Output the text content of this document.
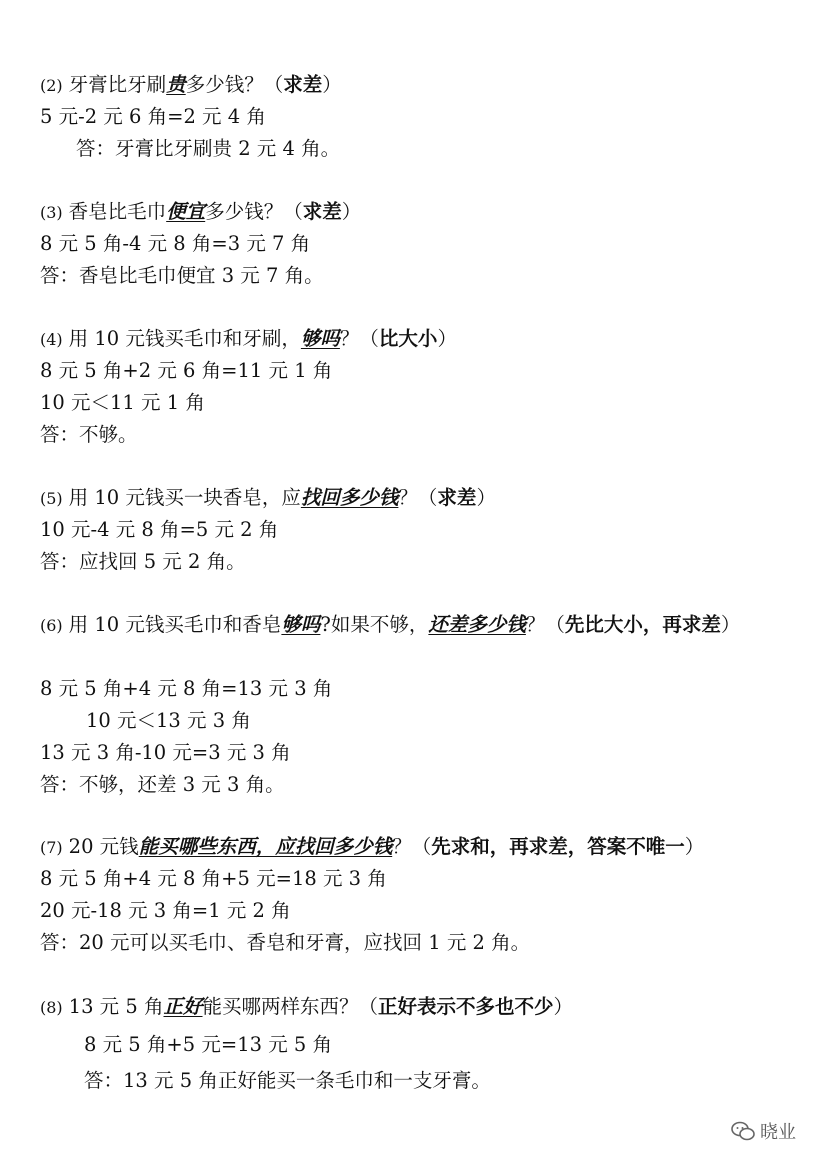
(2) 牙膏比牙刷贵多少钱？（求差）
5 元-2 元 6 角=2 元 4 角
答：牙膏比牙刷贵 2 元 4 角。
(3) 香皂比毛巾便宜多少钱？（求差）
8 元 5 角-4 元 8 角=3 元 7 角
答：香皂比毛巾便宜 3 元 7 角。
(4) 用 10 元钱买毛巾和牙刷，够吗？（比大小）
8 元 5 角+2 元 6 角=11 元 1 角
10 元＜11 元 1 角
答：不够。
(5) 用 10 元钱买一块香皂，应找回多少钱？（求差）
10 元-4 元 8 角=5 元 2 角
答：应找回 5 元 2 角。
(6) 用 10 元钱买毛巾和香皂够吗?如果不够，还差多少钱？（先比大小，再求差）
8 元 5 角+4 元 8 角=13 元 3 角
10 元＜13 元 3 角
13 元 3 角-10 元=3 元 3 角
答：不够，还差 3 元 3 角。
(7) 20 元钱能买哪些东西，应找回多少钱？（先求和，再求差，答案不唯一）
8 元 5 角+4 元 8 角+5 元=18 元 3 角
20 元-18 元 3 角=1 元 2 角
答：20 元可以买毛巾、香皂和牙膏，应找回 1 元 2 角。
(8) 13 元 5 角正好能买哪两样东西？（正好表示不多也不少）
8 元 5 角+5 元=13 元 5 角
答：13 元 5 角正好能买一条毛巾和一支牙膏。
晓业
